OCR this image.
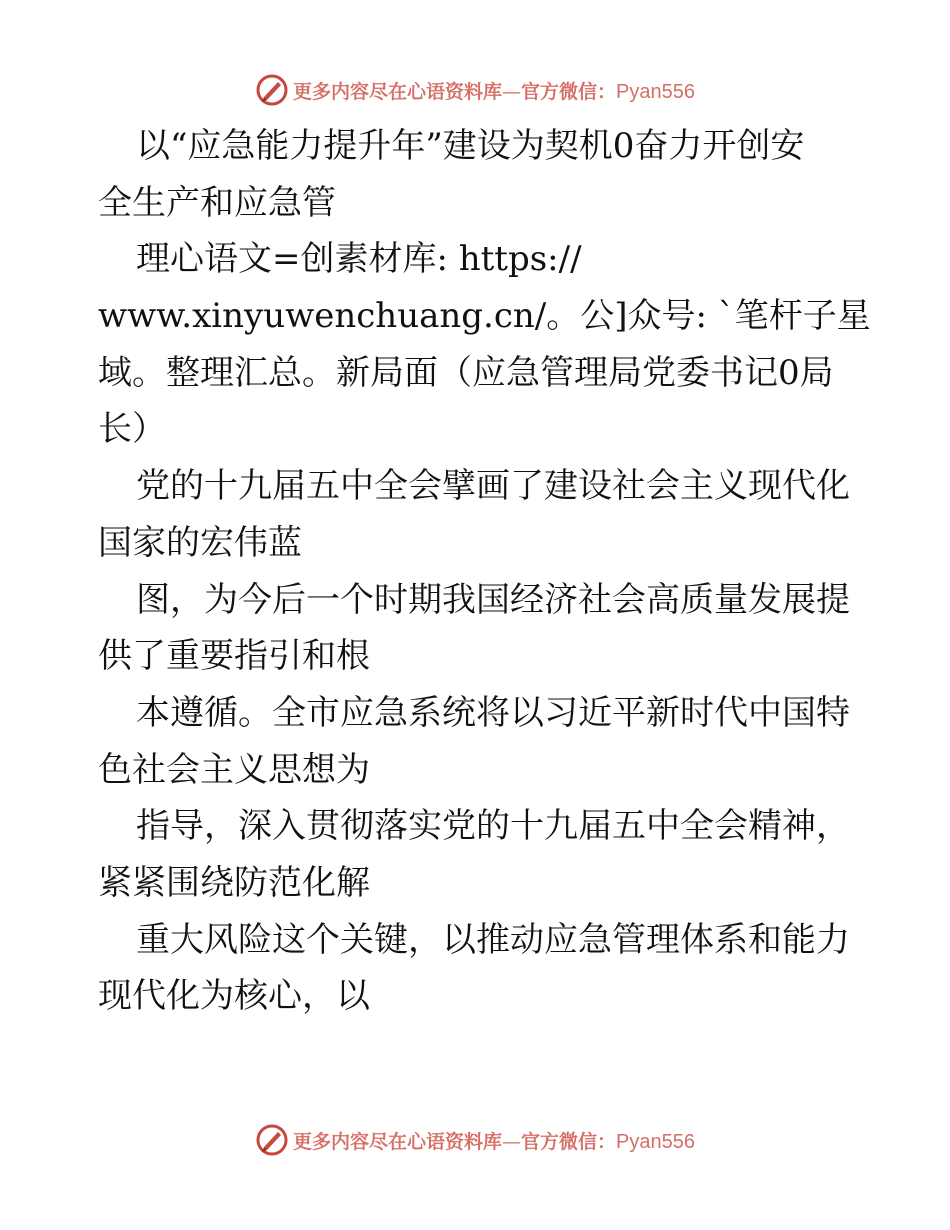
更多内容尽在心语资料库—官方微信：Pyan556

以“应急能力提升年”建设为契机0奋力开创安
全生产和应急管

理心语文=创素材库: https://
www.xinyuwenchuang.cn/。公]众号: `笔杆子星
域。整理汇总。新局面（应急管理局党委书记0局
长）

党的十九届五中全会擘画了建设社会主义现代化
国家的宏伟蓝

图，为今后一个时期我国经济社会高质量发展提
供了重要指引和根

本遵循。全市应急系统将以习近平新时代中国特
色社会主义思想为

指导，深入贯彻落实党的十九届五中全会精神，
紧紧围绕防范化解

重大风险这个关键，以推动应急管理体系和能力
现代化为核心，以

更多内容尽在心语资料库—官方微信：Pyan556
